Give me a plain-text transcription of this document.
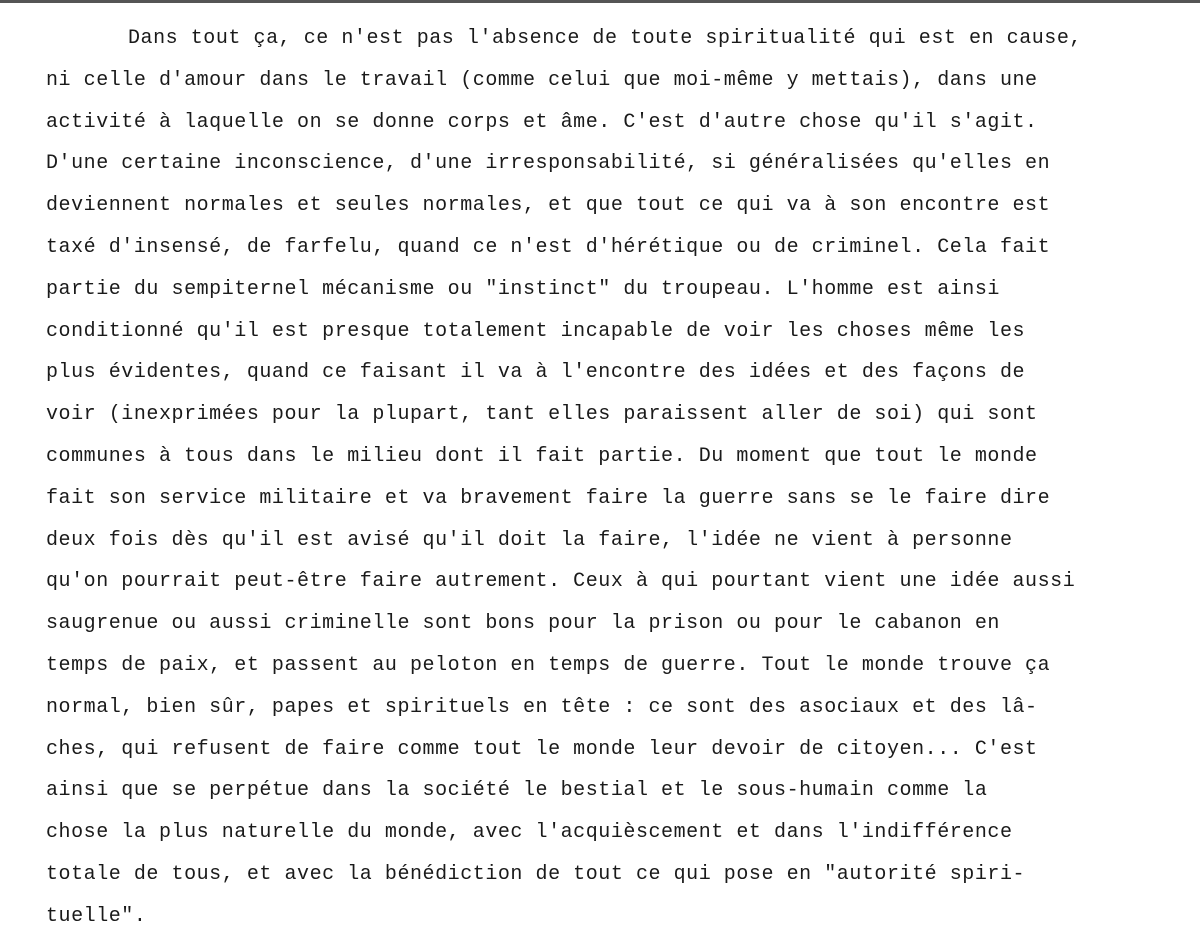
Dans tout ça, ce n'est pas l'absence de toute spiritualité qui est en cause,
ni celle d'amour dans le travail (comme celui que moi-même y mettais), dans une
activité à laquelle on se donne corps et âme. C'est d'autre chose qu'il s'agit.
D'une certaine inconscience, d'une irresponsabilité, si généralisées qu'elles en
deviennent normales et seules normales, et que tout ce qui va à son encontre est
taxé d'insensé, de farfelu, quand ce n'est d'hérétique ou de criminel. Cela fait
partie du sempiternel mécanisme ou "instinct" du troupeau. L'homme est ainsi
conditionné qu'il est presque totalement incapable de voir les choses même les
plus évidentes, quand ce faisant il va à l'encontre des idées et des façons de
voir (inexprimées pour la plupart, tant elles paraissent aller de soi) qui sont
communes à tous dans le milieu dont il fait partie. Du moment que tout le monde
fait son service militaire et va bravement faire la guerre sans se le faire dire
deux fois dès qu'il est avisé qu'il doit la faire, l'idée ne vient à personne
qu'on pourrait peut-être faire autrement. Ceux à qui pourtant vient une idée aussi
saugrenue ou aussi criminelle sont bons pour la prison ou pour le cabanon en
temps de paix, et passent au peloton en temps de guerre. Tout le monde trouve ça
normal, bien sûr, papes et spirituels en tête : ce sont des asociaux et des lâ-
ches, qui refusent de faire comme tout le monde leur devoir de citoyen... C'est
ainsi que se perpétue dans la société le bestial et le sous-humain comme la
chose la plus naturelle du monde, avec l'acquièscement et dans l'indifférence
totale de tous, et avec la bénédiction de tout ce qui pose en "autorité spiri-
tuelle".
